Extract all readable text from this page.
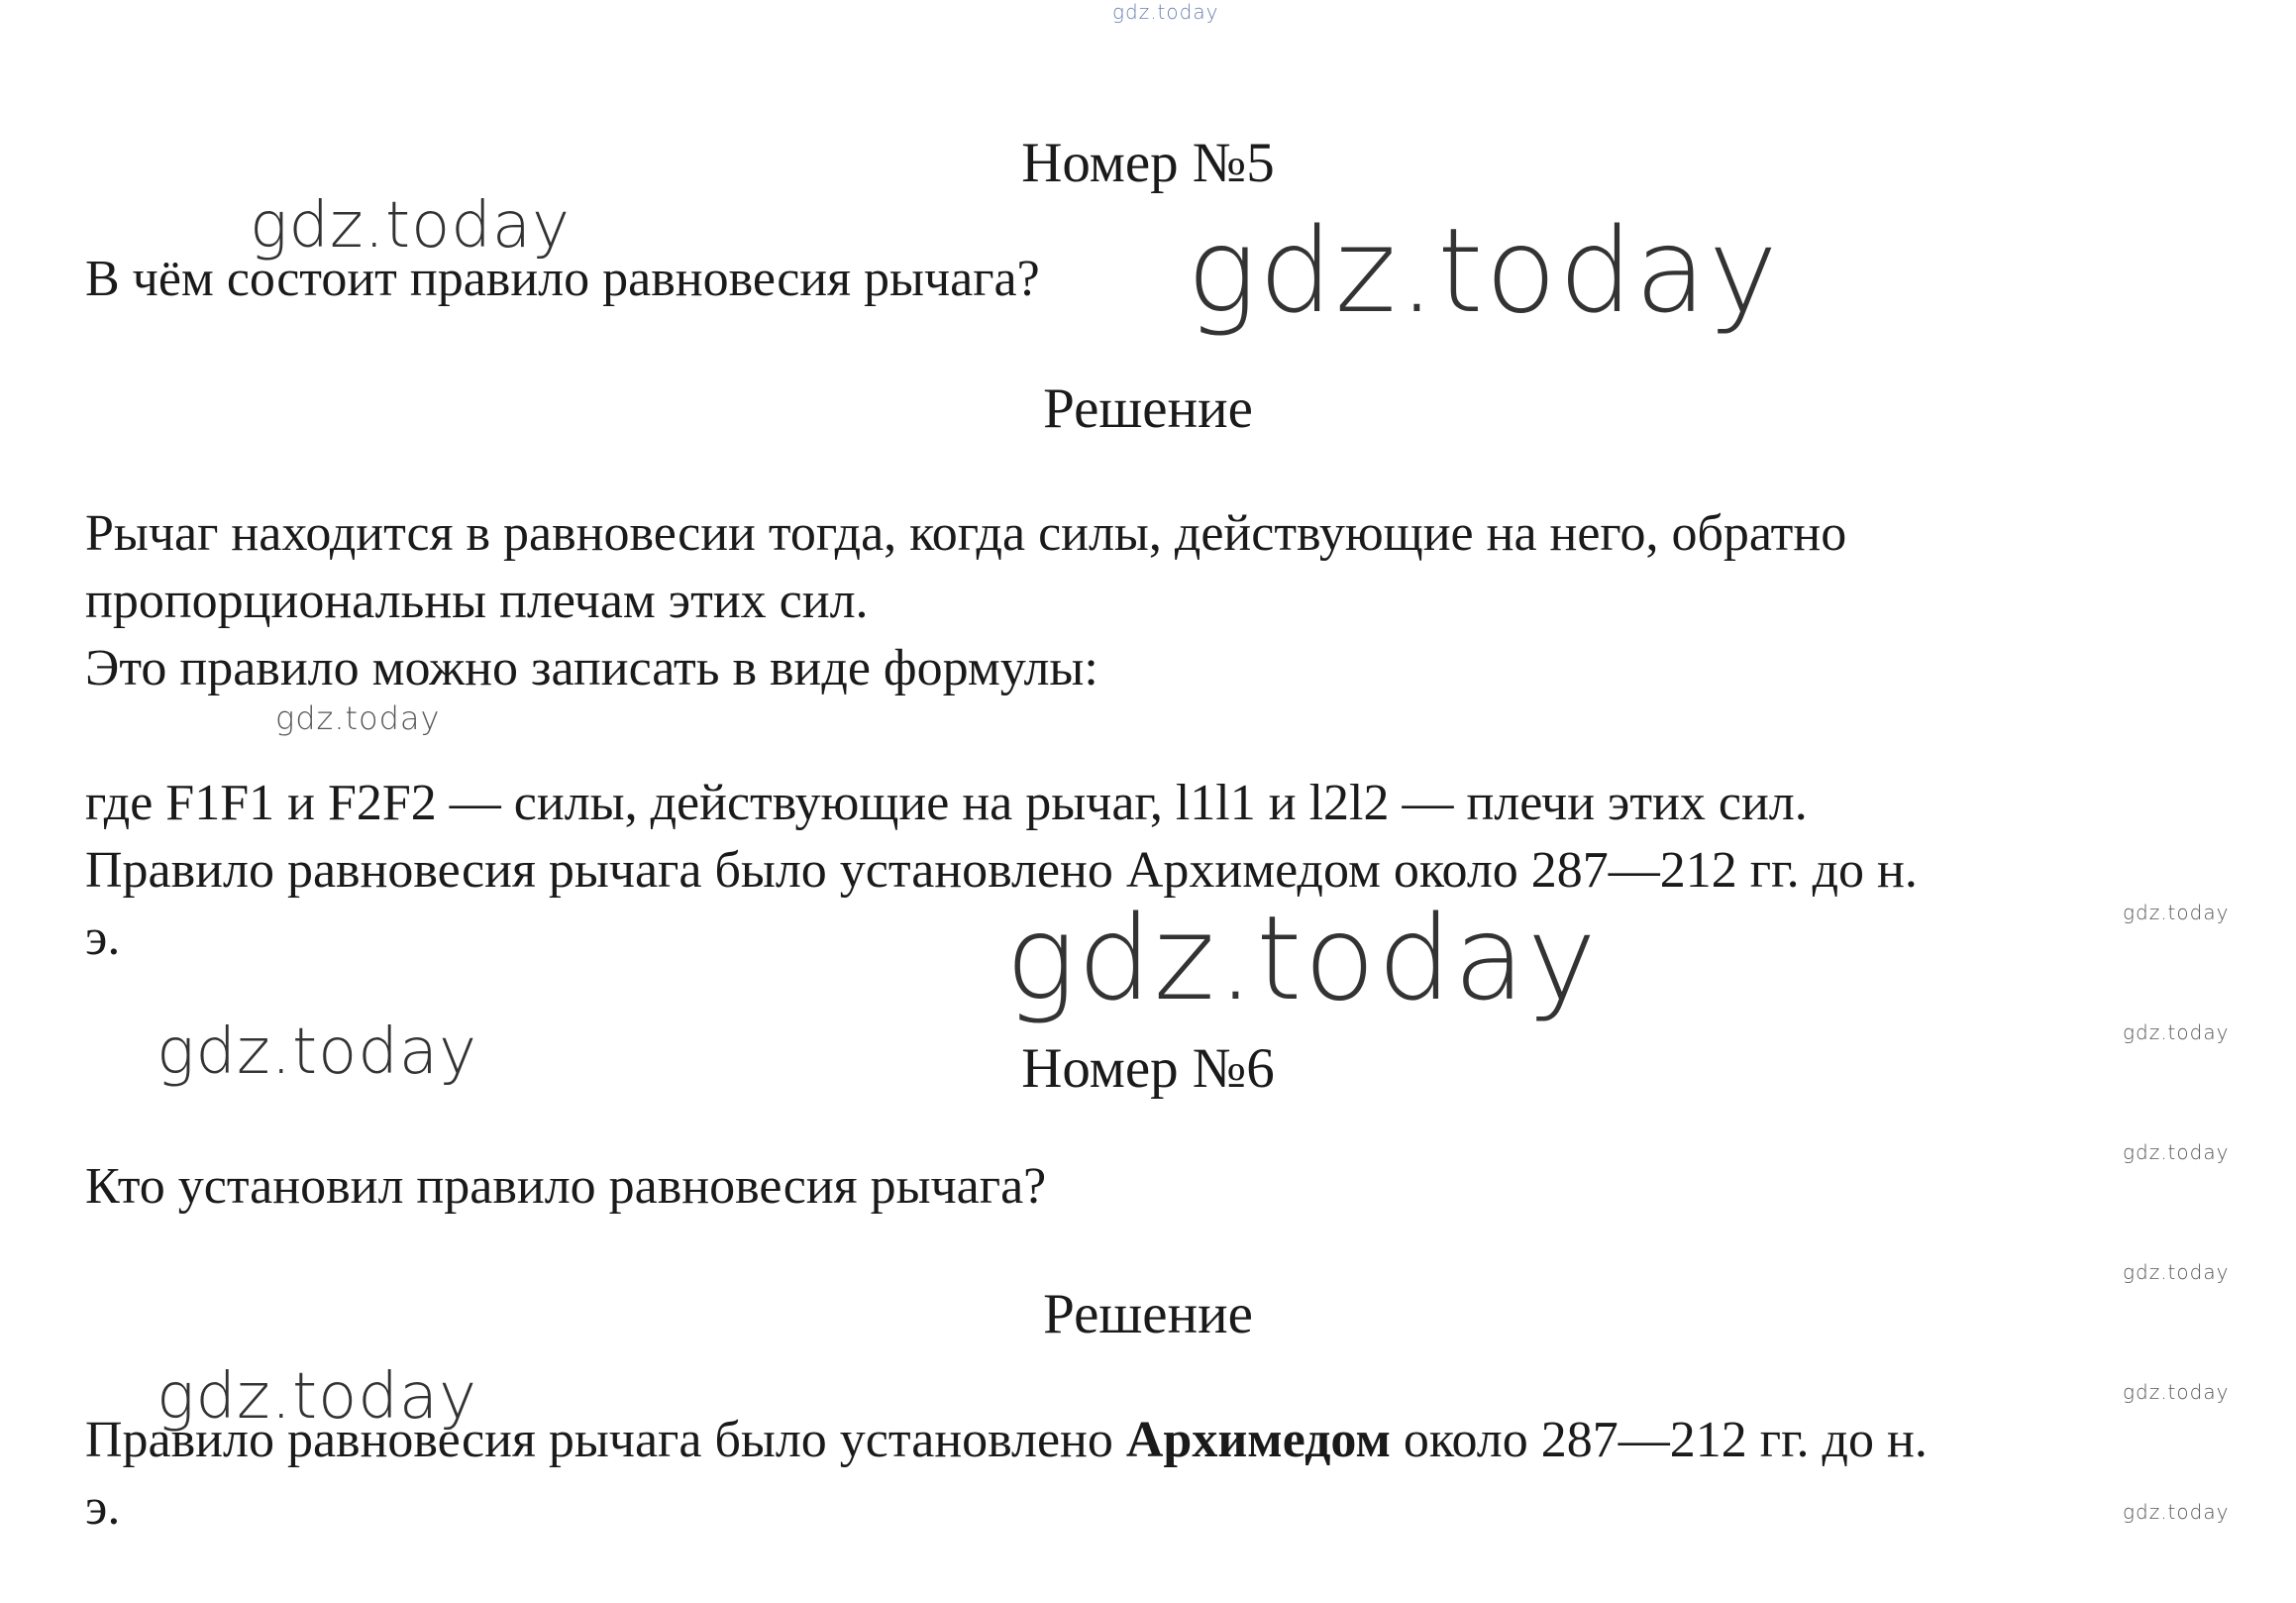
gdz.today
Номер №5
gdz.today
В чём состоит правило равновесия рычага? gdz.today
Решение
Рычаг находится в равновесии тогда, когда силы, действующие на него, обратно
пропорциональны плечам этих сил.
Это правило можно записать в виде формулы:
gdz.today
где F1F1 и F2F2 — силы, действующие на рычаг, l1l1 и l2l2 — плечи этих сил.
Правило равновесия рычага было установлено Архимедом около 287—212 гг. до н.
э.	gdz.today	gdz.today
gdz.today
gdz.today
gdz.today
gdz.today
gdz.today
gdz.today	Номер №6
Кто установил правило равновесия рычага?
Решение
gdz.today
Правило равновесия рычага было установлено Архимедом около 287—212 гг. до н.
э.
